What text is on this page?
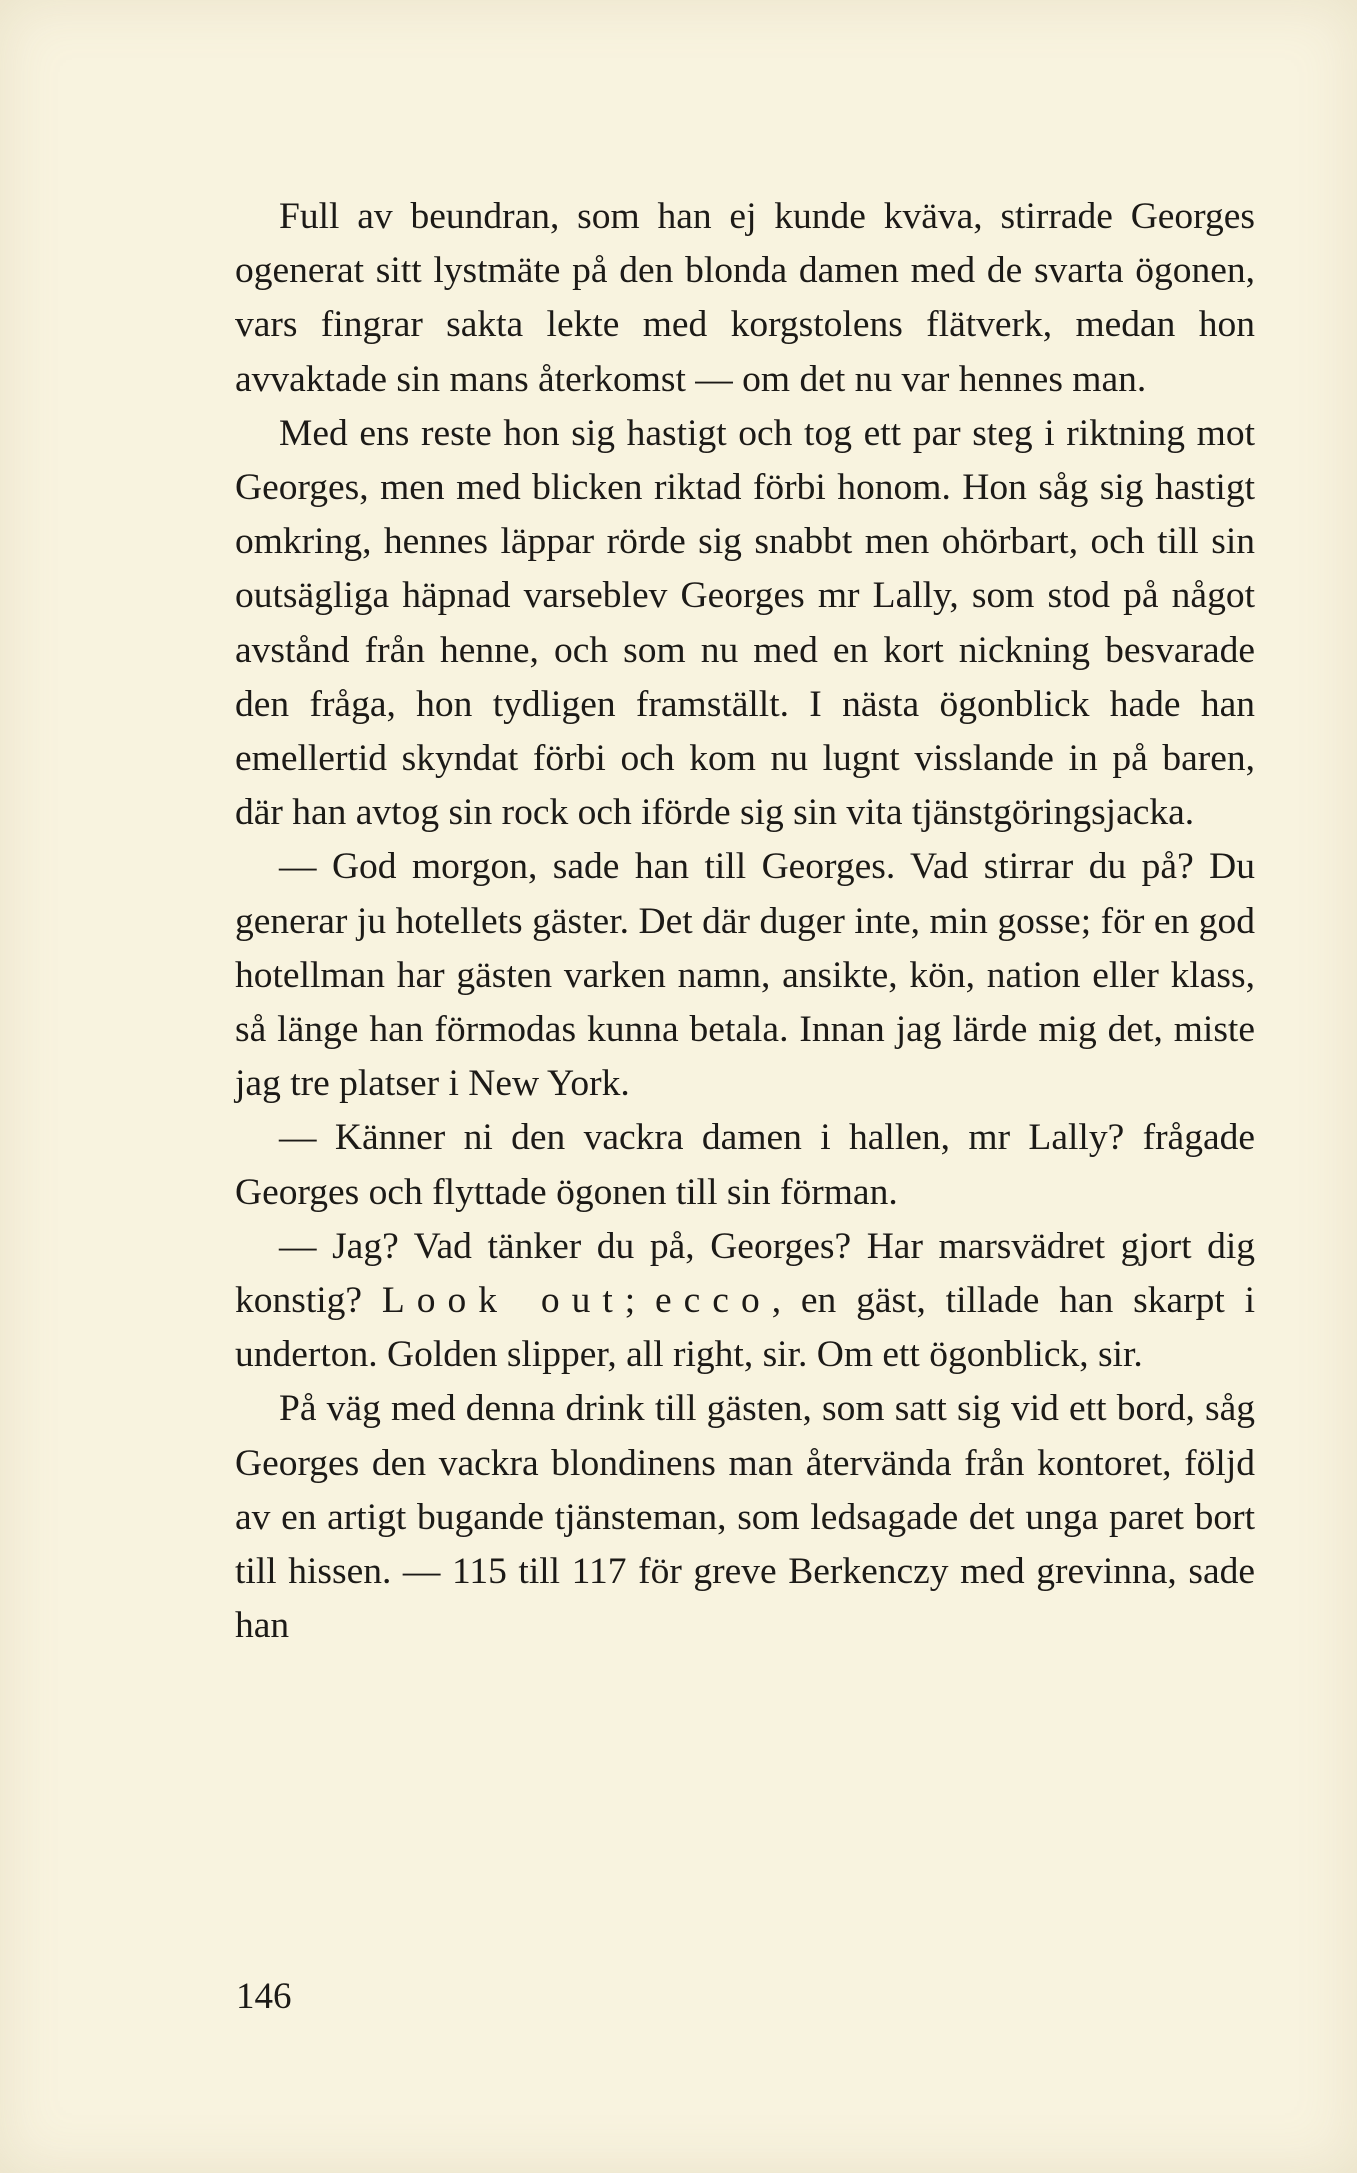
Full av beundran, som han ej kunde kväva, stirrade Georges ogenerat sitt lystmäte på den blonda damen med de svarta ögonen, vars fingrar sakta lekte med korgstolens flätverk, medan hon avvaktade sin mans återkomst — om det nu var hennes man.

Med ens reste hon sig hastigt och tog ett par steg i riktning mot Georges, men med blicken riktad förbi honom. Hon såg sig hastigt omkring, hennes läppar rörde sig snabbt men ohörbart, och till sin outsägliga häpnad varseblev Georges mr Lally, som stod på något avstånd från henne, och som nu med en kort nickning besvarade den fråga, hon tydligen framställt. I nästa ögonblick hade han emellertid skyndat förbi och kom nu lugnt visslande in på baren, där han avtog sin rock och iförde sig sin vita tjänstgöringsjacka.

— God morgon, sade han till Georges. Vad stirrar du på? Du generar ju hotellets gäster. Det där duger inte, min gosse; för en god hotellman har gästen varken namn, ansikte, kön, nation eller klass, så länge han förmodas kunna betala. Innan jag lärde mig det, miste jag tre platser i New York.

— Känner ni den vackra damen i hallen, mr Lally? frågade Georges och flyttade ögonen till sin förman.

— Jag? Vad tänker du på, Georges? Har marsvädret gjort dig konstig? Look out; ecco, en gäst, tillade han skarpt i underton. Golden slipper, all right, sir. Om ett ögonblick, sir.

På väg med denna drink till gästen, som satt sig vid ett bord, såg Georges den vackra blondinens man återvända från kontoret, följd av en artigt bugande tjänsteman, som ledsagade det unga paret bort till hissen. — 115 till 117 för greve Berkenczy med grevinna, sade han

146
